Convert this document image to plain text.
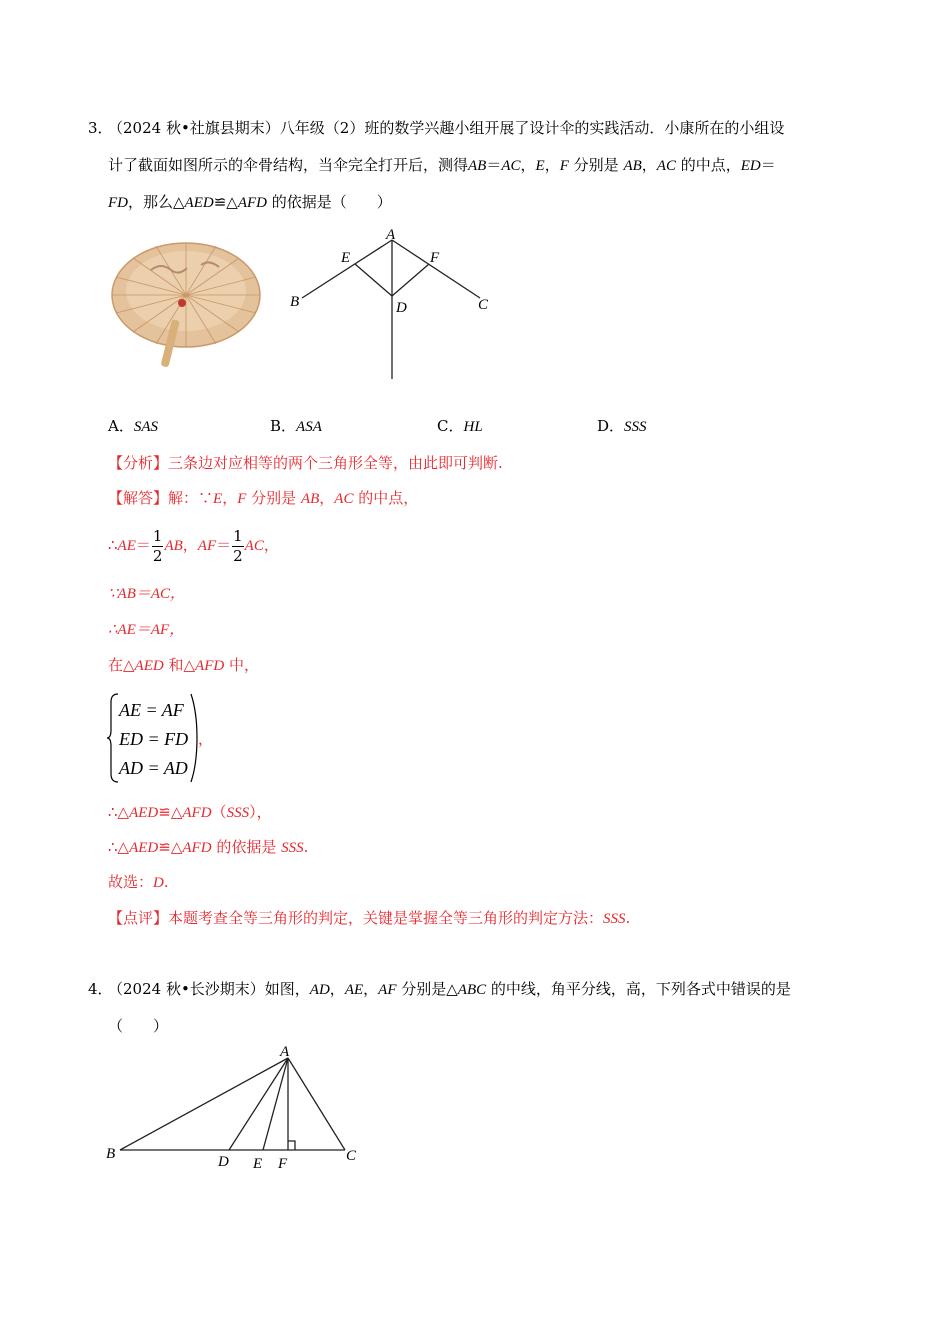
3．
（2024 秋•社旗县期末）八年级（2）班的数学兴趣小组开展了设计伞的实践活动．小康所在的小组设
计了截面如图所示的伞骨结构，当伞完全打开后，测得AB＝AC，E，F 分别是 AB，AC 的中点，ED＝
FD，那么△AED≌△AFD 的依据是（　　）
A
E	F
B	D	C
A．SAS	B．ASA	C．HL	D．SSS
【分析】三条边对应相等的两个三角形全等，由此即可判断.
【解答】解：∵E，F 分别是 AB，AC 的中点，
∴AE＝ $\frac{1}{2}$ AB，$AF= \frac{1}{2}$ AC，
∵AB＝AC，
∴AE＝AF，
在△AED 和△AFD 中，
AE = AF
ED = FD
AD = AD
，
∴△AED≌△AFD（SSS），
∴△AED≌△AFD 的依据是 SSS.
故选：D.
【点评】本题考查全等三角形的判定，关键是掌握全等三角形的判定方法：SSS.
4．
（2024 秋•长沙期末）如图，AD，AE，AF 分别是△ABC 的中线，角平分线，高，下列各式中错误的是
（　　）
A
B	D E F	C
